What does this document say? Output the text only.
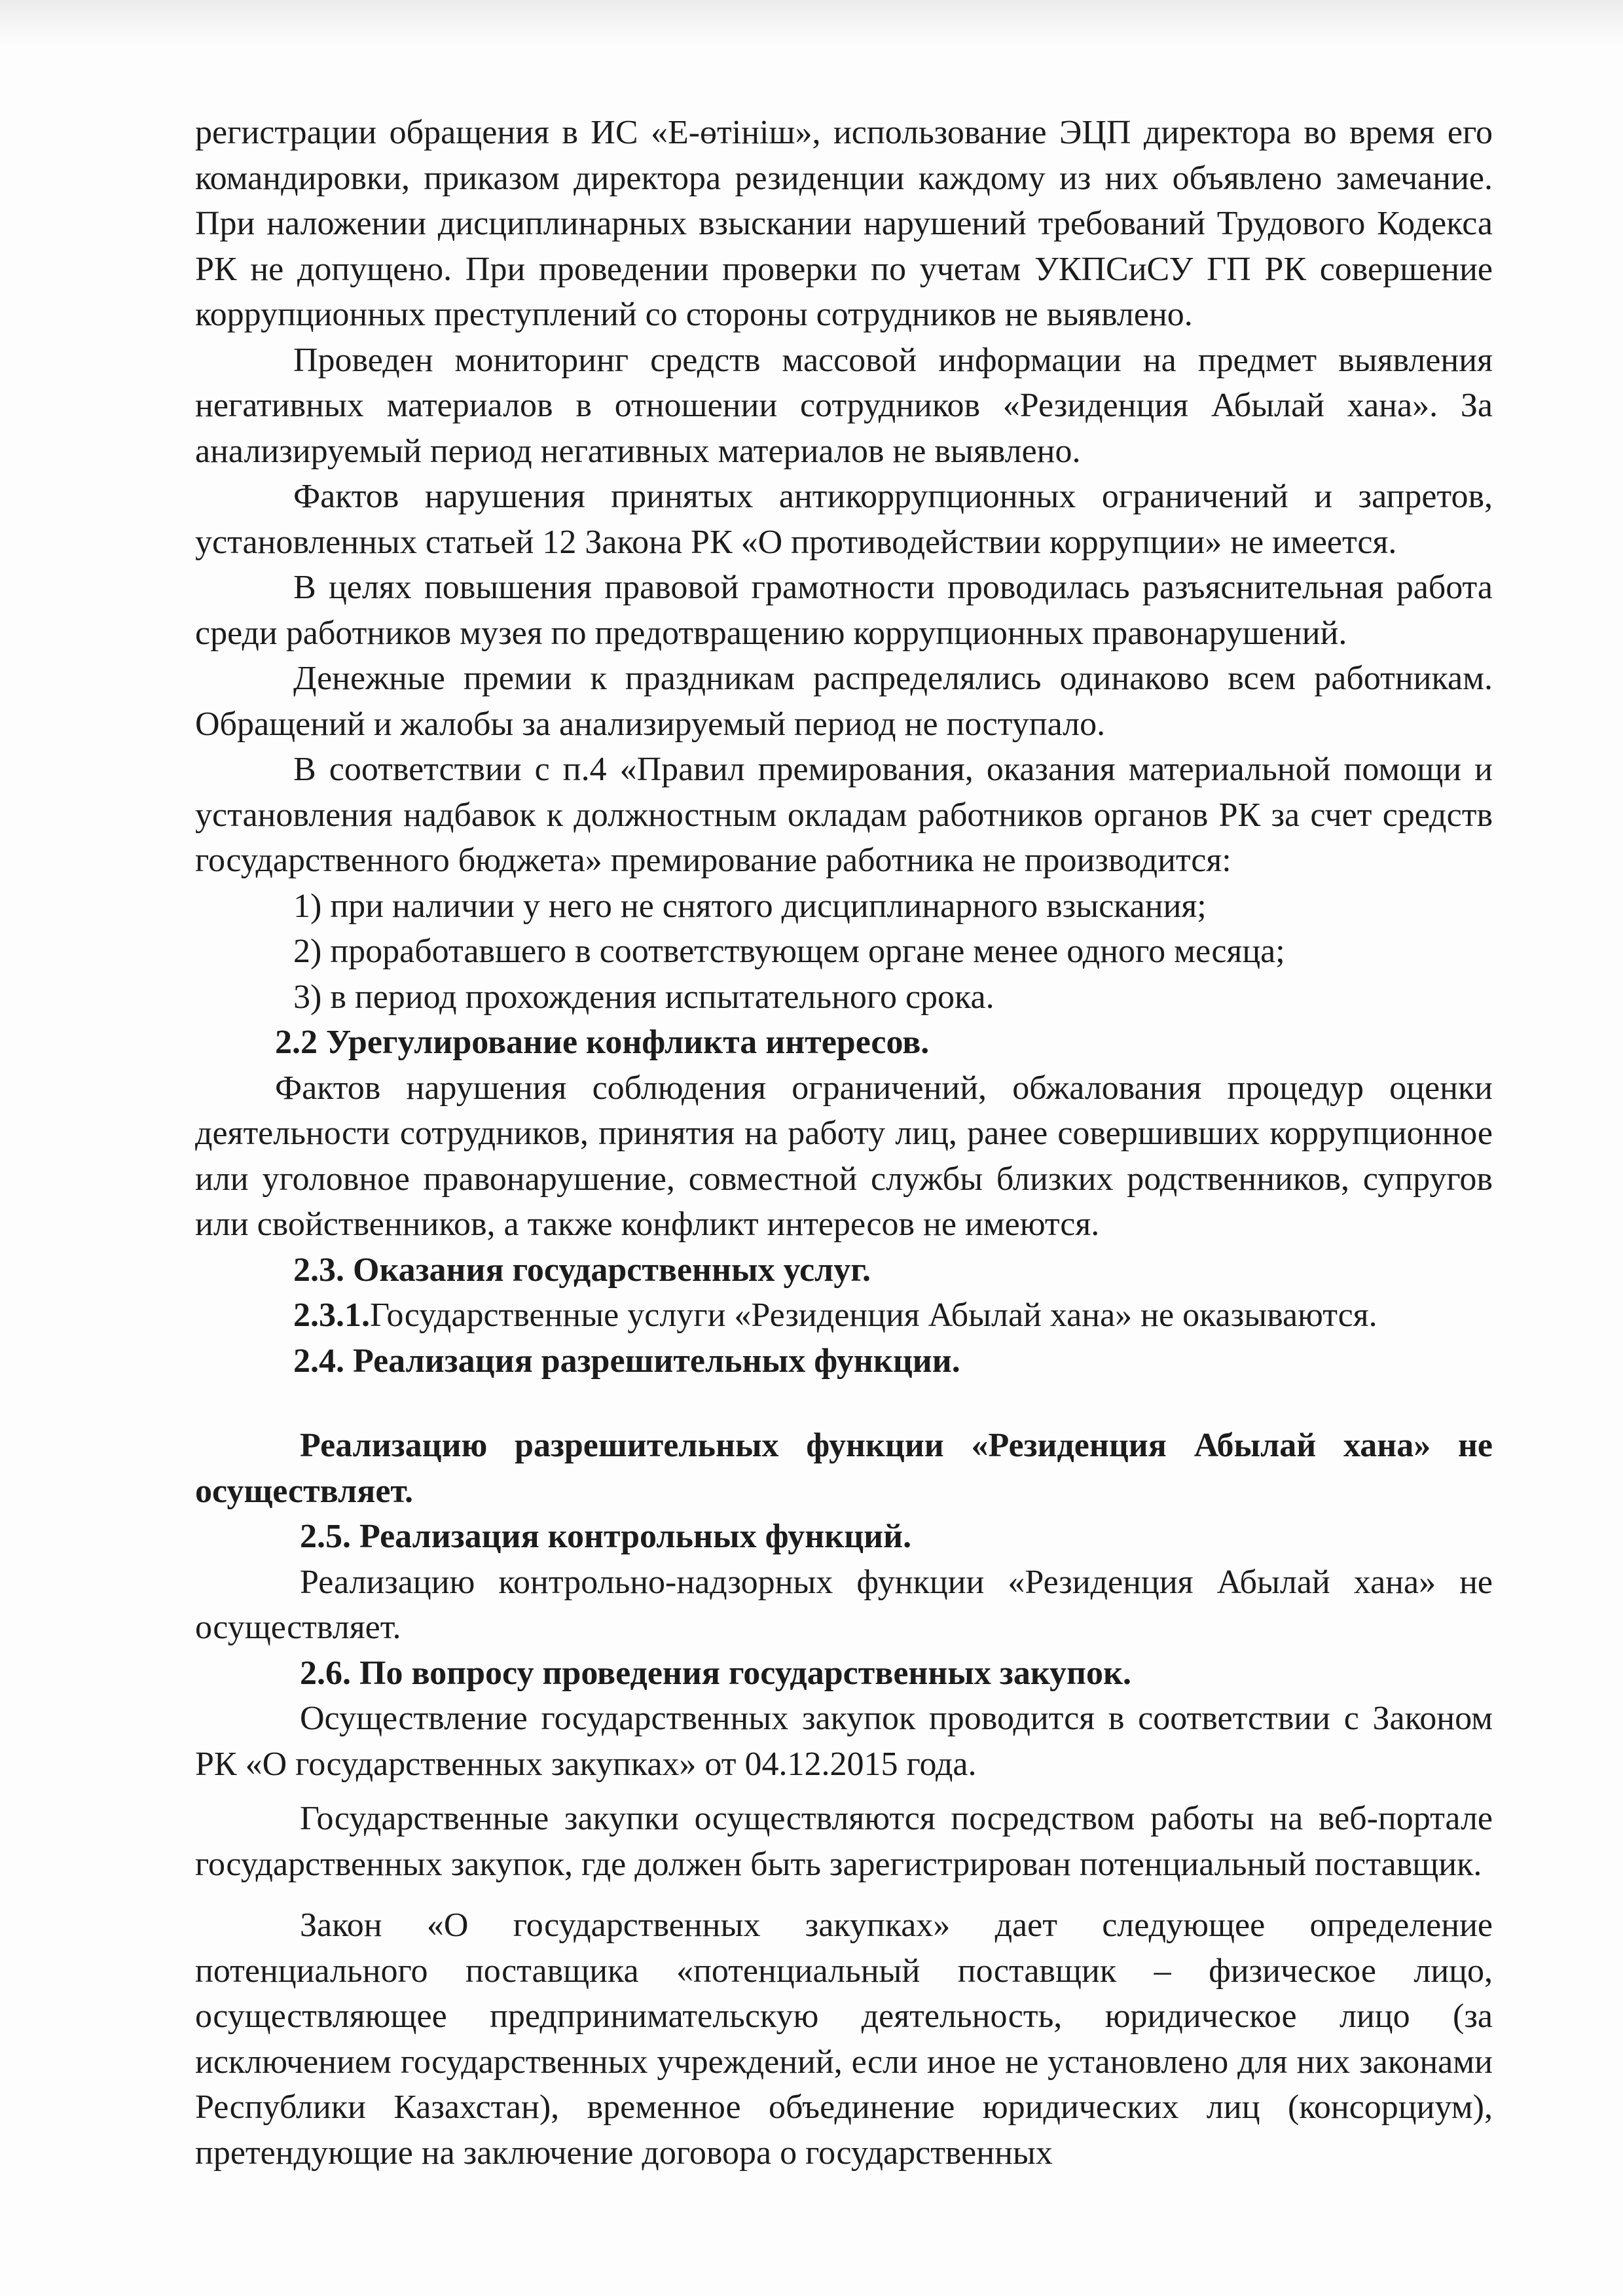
регистрации обращения в ИС «Е-өтініш», использование ЭЦП директора во время его командировки, приказом директора резиденции каждому из них объявлено замечание. При наложении дисциплинарных взыскании нарушений требований Трудового Кодекса РК не допущено. При проведении проверки по учетам УКПСиСУ ГП РК совершение коррупционных преступлений со стороны сотрудников не выявлено.

Проведен мониторинг средств массовой информации на предмет выявления негативных материалов в отношении сотрудников «Резиденция Абылай хана». За анализируемый период негативных материалов не выявлено.

Фактов нарушения принятых антикоррупционных ограничений и запретов, установленных статьей 12 Закона РК «О противодействии коррупции» не имеется.

В целях повышения правовой грамотности проводилась разъяснительная работа среди работников музея по предотвращению коррупционных правонарушений.

Денежные премии к праздникам распределялись одинаково всем работникам. Обращений и жалобы за анализируемый период не поступало.

В соответствии с п.4 «Правил премирования, оказания материальной помощи и установления надбавок к должностным окладам работников органов РК за счет средств государственного бюджета» премирование работника не производится:

1) при наличии у него не снятого дисциплинарного взыскания;

2) проработавшего в соответствующем органе менее одного месяца;

3) в период прохождения испытательного срока.

2.2 Урегулирование конфликта интересов.

Фактов нарушения соблюдения ограничений, обжалования процедур оценки деятельности сотрудников, принятия на работу лиц, ранее совершивших коррупционное или уголовное правонарушение, совместной службы близких родственников, супругов или свойственников, а также конфликт интересов не имеются.

2.3. Оказания государственных услуг.

2.3.1.Государственные услуги «Резиденция Абылай хана» не оказываются.

2.4. Реализация разрешительных функции.

Реализацию разрешительных функции «Резиденция Абылай хана» не осуществляет.

2.5. Реализация контрольных функций.

Реализацию контрольно-надзорных функции «Резиденция Абылай хана» не осуществляет.

2.6. По вопросу проведения государственных закупок.

Осуществление государственных закупок проводится в соответствии с Законом РК «О государственных закупках» от 04.12.2015 года.

Государственные закупки осуществляются посредством работы на веб-портале государственных закупок, где должен быть зарегистрирован потенциальный поставщик.

Закон «О государственных закупках» дает следующее определение потенциального поставщика «потенциальный поставщик – физическое лицо, осуществляющее предпринимательскую деятельность, юридическое лицо (за исключением государственных учреждений, если иное не установлено для них законами Республики Казахстан), временное объединение юридических лиц (консорциум), претендующие на заключение договора о государственных
